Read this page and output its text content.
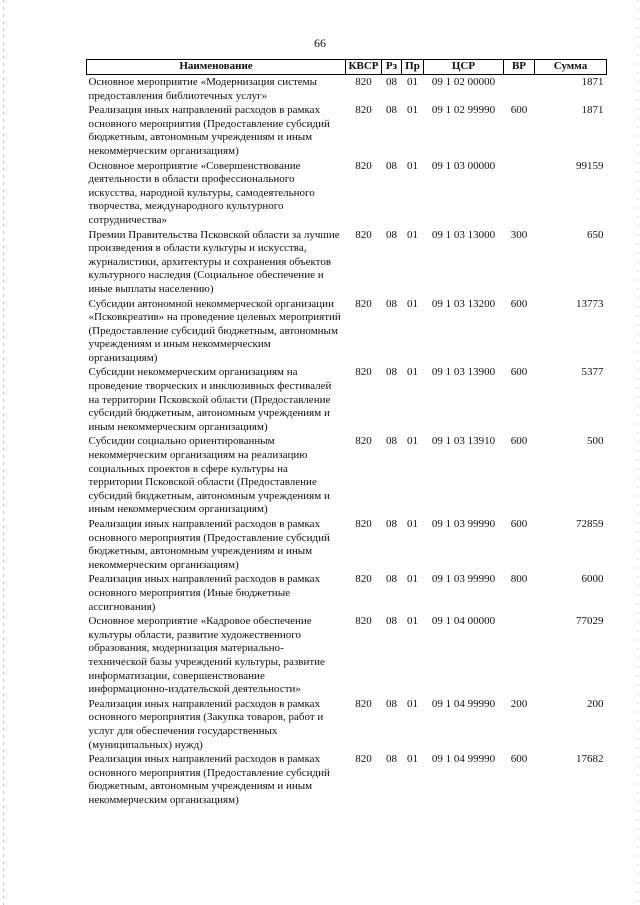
66
Наименование	КВСР	Рз	Пр	ЦСР	ВР	Сумма
Основное мероприятие «Модернизация системы предоставления библиотечных услуг»	820	08	01	09 1 02 00000		1871
Реализация иных направлений расходов в рамках основного мероприятия (Предоставление субсидий бюджетным, автономным учреждениям и иным некоммерческим организациям)	820	08	01	09 1 02 99990	600	1871
Основное мероприятие «Совершенствование деятельности в области профессионального искусства, народной культуры, самодеятельного творчества, международного культурного сотрудничества»	820	08	01	09 1 03 00000		99159
Премии Правительства Псковской области за лучшие произведения в области культуры и искусства, журналистики, архитектуры и сохранения объектов культурного наследия (Социальное обеспечение и иные выплаты населению)	820	08	01	09 1 03 13000	300	650
Субсидии автономной некоммерческой организации «Псковкреатив» на проведение целевых мероприятий (Предоставление субсидий бюджетным, автономным учреждениям и иным некоммерческим организациям)	820	08	01	09 1 03 13200	600	13773
Субсидии некоммерческим организациям на проведение творческих и инклюзивных фестивалей на территории Псковской области (Предоставление субсидий бюджетным, автономным учреждениям и иным некоммерческим организациям)	820	08	01	09 1 03 13900	600	5377
Субсидии социально ориентированным некоммерческим организациям на реализацию социальных проектов в сфере культуры на территории Псковской области (Предоставление субсидий бюджетным, автономным учреждениям и иным некоммерческим организациям)	820	08	01	09 1 03 13910	600	500
Реализация иных направлений расходов в рамках основного мероприятия (Предоставление субсидий бюджетным, автономным учреждениям и иным некоммерческим организациям)	820	08	01	09 1 03 99990	600	72859
Реализация иных направлений расходов в рамках основного мероприятия (Иные бюджетные ассигнования)	820	08	01	09 1 03 99990	800	6000
Основное мероприятие «Кадровое обеспечение культуры области, развитие художественного образования, модернизация материально-технической базы учреждений культуры, развитие информатизации, совершенствование информационно-издательской деятельности»	820	08	01	09 1 04 00000		77029
Реализация иных направлений расходов в рамках основного мероприятия (Закупка товаров, работ и услуг для обеспечения государственных (муниципальных) нужд)	820	08	01	09 1 04 99990	200	200
Реализация иных направлений расходов в рамках основного мероприятия (Предоставление субсидий бюджетным, автономным учреждениям и иным некоммерческим организациям)	820	08	01	09 1 04 99990	600	17682
